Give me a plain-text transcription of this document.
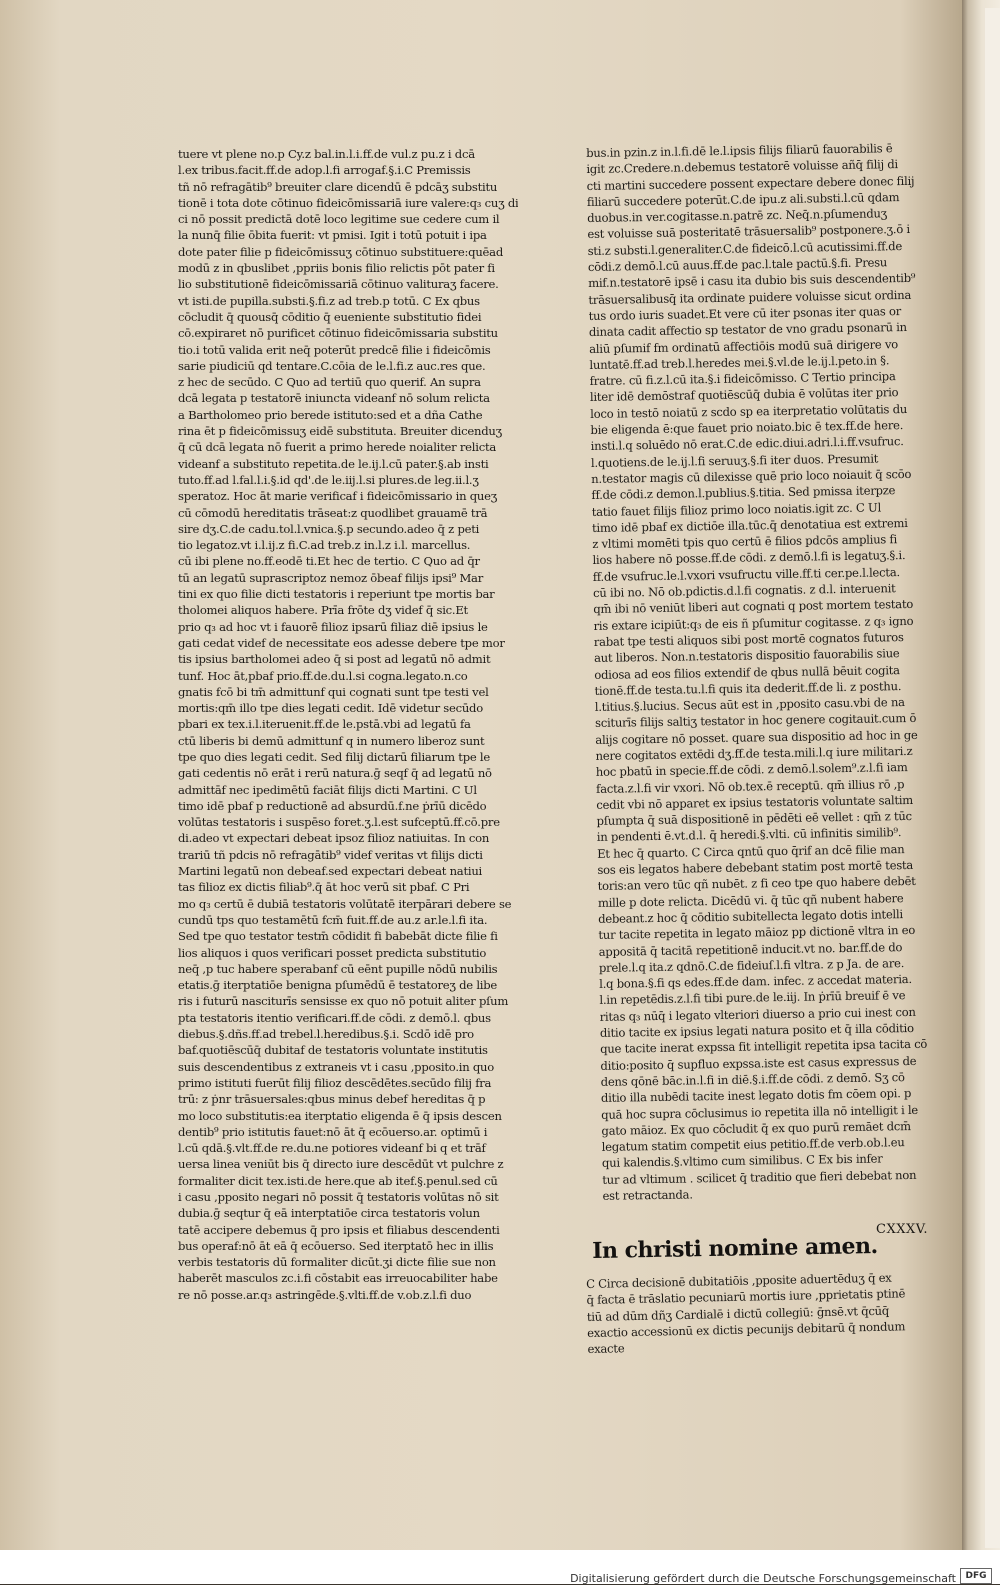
tuere vt plene no.p Cy.z bal.in.l.i.ff.de vul.z pu.z i dcā
l.ex tribus.facit.ff.de adop.l.fi arrogaf.§.i.C Premissis
tñ nō refragātib⁹ breuiter clare dicendū ē pdcāʒ substitu
tionē i tota dote cōtinuo fideicōmissariā iure valere:q₃ cuʒ di
ci nō possit predictā dotē loco legitime sue cedere cum il
la nunq̄ filie ōbita fuerit: vt pmisi. Igit i totū potuit i ipa
dote pater filie p fideicōmissuʒ cōtinuo substituere:quēad
modū z in qbuslibet ,ppriis bonis filio relictis pōt pater fi
lio substitutionē fideicōmissariā cōtinuo valituraʒ facere.
vt isti.de pupilla.substi.§.fi.z ad treb.p totū. C Ex qbus
cōcludit q̄ quousq̄ cōditio q̄ eueniente substitutio fidei
cō.expiraret nō purificet cōtinuo fideicōmissaria substitu
tio.i totū valida erit neq̄ poterūt predcē filie i fideicōmis
sarie piudiciū qd tentare.C.cōia de le.l.fi.z auc.res que.
z hec de secūdo. C Quo ad tertiū quo querif. An supra
dcā legata p testatorē iniuncta videanf nō solum relicta
a Bartholomeo prio berede istituto:sed et a dña Cathe
rina ēt p fideicōmissuʒ eidē substituta. Breuiter dicenduʒ
q̄ cū dcā legata nō fuerit a primo herede noialiter relicta
videanf a substituto repetita.de le.ij.l.cū pater.§.ab insti
tuto.ff.ad l.fal.l.i.§.id qd'.de le.iij.l.si plures.de leg.ii.l.ʒ
speratoz. Hoc āt marie verificaf i fideicōmissario in queʒ
cū cōmodū hereditatis trāseat:z quodlibet grauamē trā
sire dʒ.C.de cadu.tol.l.vnica.§.p secundo.adeo q̄ z peti
tio legatoz.vt i.l.ij.z fi.C.ad treb.z in.l.z i.l. marcellus.
cū ibi plene no.ff.eodē ti.Et hec de tertio. C Quo ad q̄r
tū an legatū suprascriptoz nemoz ōbeaf filijs ipsi⁹ Mar
tini ex quo filie dicti testatoris i reperiunt tpe mortis bar
tholomei aliquos habere. Prīa frōte dʒ videf q̄ sic.Et
prio q₃ ad hoc vt i fauorē filioz ipsarū filiaz diē ipsius le
gati cedat videf de necessitate eos adesse debere tpe mor
tis ipsius bartholomei adeo q̄ si post ad legatū nō admit
tunf. Hoc āt,pbaf prio.ff.de.du.l.si cogna.legato.n.co
gnatis fcō bi tm̄ admittunf qui cognati sunt tpe testi vel
mortis:qm̄ illo tpe dies legati cedit. Idē videtur secūdo
pbari ex tex.i.l.iteruenit.ff.de le.pstā.vbi ad legatū fa
ctū liberis bi demū admittunf q in numero liberoz sunt
tpe quo dies legati cedit. Sed filij dictarū filiarum tpe le
gati cedentis nō erāt i rerū natura.ḡ seqf q̄ ad legatū nō
admittāf nec ipedimētū faciāt filijs dicti Martini. C Ul
timo idē pbaf p reductionē ad absurdū.f.ne ṗrīū dicēdo
volūtas testatoris i suspēso foret.ʒ.l.est sufceptū.ff.cō.pre
di.adeo vt expectari debeat ipsoz filioz natiuitas. In con
trariū tñ pdcis nō refragātib⁹ videf veritas vt filijs dicti
Martini legatū non debeaf.sed expectari debeat natiui
tas filioz ex dictis filiab⁹.q̄ āt hoc verū sit pbaf. C Pri
mo q₃ certū ē dubiā testatoris volūtatē iterpārari debere se
cundū tps quo testamētū fcm̄ fuit.ff.de au.z ar.le.l.fi ita.
Sed tpe quo testator testm̄ cōdidit fi babebāt dicte filie fi
lios aliquos i quos verificari posset predicta substitutio
neq̄ ,p tuc habere sperabanf cū eēnt pupille nōdū nubilis
etatis.ḡ iterptatiōe benigna pſumēdū ē testatoreʒ de libe
ris i futurū nasciturīs sensisse ex quo nō potuit aliter pſum
pta testatoris itentio verificari.ff.de cōdi. z demō.l. qbus
diebus.§.dñs.ff.ad trebel.l.heredibus.§.i. Scdō idē pro
baf.quotiēscūq̄ dubitaf de testatoris voluntate institutis
suis descendentibus z extraneis vt i casu ,pposito.in quo
primo istituti fuerūt filij filioz descēdētes.secūdo filij fra
trū: z ṗnr trāsuersales:qbus minus debef hereditas q̄ p
mo loco substitutis:ea iterptatio eligenda ē q̄ ipsis descen
dentib⁹ prio istitutis fauet:nō āt q̄ ecōuerso.ar. optimū i
l.cū qdā.§.vlt.ff.de re.du.ne potiores videanf bi q et trāf
uersa linea veniūt bis q̄ directo iure descēdūt vt pulchre z
formaliter dicit tex.isti.de here.que ab itef.§.penul.sed cū
i casu ,pposito negari nō possit q̄ testatoris volūtas nō sit
dubia.ḡ seqtur q̄ eā interptatiōe circa testatoris volun
tatē accipere debemus q̄ pro ipsis et filiabus descendenti
bus operaf:nō āt eā q̄ ecōuerso. Sed iterptatō hec in illis
verbis testatoris dū formaliter dicūt.ʒi dicte filie sue non
haberēt masculos zc.i.fi cōstabit eas irreuocabiliter habe
re nō posse.ar.q₃ astringēde.§.vlti.ff.de v.ob.z.l.fi duo
bus.in pzin.z in.l.fi.dē le.l.ipsis filijs filiarū fauorabilis ē
igit zc.Credere.n.debemus testatorē voluisse añq̄ filij di
cti martini succedere possent expectare debere donec filij
filiarū succedere poterūt.C.de ipu.z ali.substi.l.cū qdam
duobus.in ver.cogitasse.n.patrē zc. Neq̄.n.pſumenduʒ
est voluisse suā posteritatē trāsuersalib⁹ postponere.ʒ.ō i
sti.z substi.l.generaliter.C.de fideicō.l.cū acutissimi.ff.de
cōdi.z demō.l.cū auus.ff.de pac.l.tale pactū.§.fi. Presu
mif.n.testatorē ipsē i casu ita dubio bis suis descendentib⁹
trāsuersalibusq̄ ita ordinate puidere voluisse sicut ordina
tus ordo iuris suadet.Et vere cū iter psonas iter quas or
dinata cadit affectio sp testator de vno gradu psonarū in
aliū pſumif fm ordinatū affectiōis modū suā dirigere vo
luntatē.ff.ad treb.l.heredes mei.§.vl.de le.ij.l.peto.in §.
fratre. cū fi.z.l.cū ita.§.i fideicōmisso. C Tertio principa
liter idē demōstraf quotiēscūq̄ dubia ē volūtas iter prio
loco in testō noiatū z scdo sp ea iterpretatio volūtatis du
bie eligenda ē:que fauet prio noiato.bic ē tex.ff.de here.
insti.l.q soluēdo nō erat.C.de edic.diui.adri.l.i.ff.vsufruc.
l.quotiens.de le.ij.l.fi seruuʒ.§.fi iter duos. Presumit
n.testator magis cū dilexisse quē prio loco noiauit q̄ scōo
ff.de cōdi.z demon.l.publius.§.titia. Sed pmissa iterpze
tatio fauet filijs filioz primo loco noiatis.igit zc. C Ul
timo idē pbaf ex dictiōe illa.tūc.q̄ denotatiua est extremi
z vltimi momēti tpis quo certū ē filios pdcōs amplius fi
lios habere nō posse.ff.de cōdi. z demō.l.fi is legatuʒ.§.i.
ff.de vsufruc.le.l.vxori vsufructu ville.ff.ti cer.pe.l.lecta.
cū ibi no. Nō ob.pdictis.d.l.fi cognatis. z d.l. interuenit
qm̄ ibi nō veniūt liberi aut cognati q post mortem testato
ris extare icipiūt:q₃ de eis ñ pſumitur cogitasse. z q₃ igno
rabat tpe testi aliquos sibi post mortē cognatos futuros
aut liberos. Non.n.testatoris dispositio fauorabilis siue
odiosa ad eos filios extendif de qbus nullā bēuit cogita
tionē.ff.de testa.tu.l.fi quis ita dederit.ff.de li. z posthu.
l.titius.§.lucius. Secus aūt est in ,pposito casu.vbi de na
sciturīs filijs saltiʒ testator in hoc genere cogitauit.cum ō
alijs cogitare nō posset. quare sua dispositio ad hoc in ge
nere cogitatos extēdi dʒ.ff.de testa.mili.l.q iure militari.z
hoc pbatū in specie.ff.de cōdi. z demō.l.solem⁹.z.l.fi iam
facta.z.l.fi vir vxori. Nō ob.tex.ē receptū. qm̄ illius rō ,p
cedit vbi nō apparet ex ipsius testatoris voluntate saltim
pſumpta q̄ suā dispositionē in pēdēti eē vellet : qm̄ z tūc
in pendenti ē.vt.d.l. q̄ heredi.§.vlti. cū infinitis similib⁹.
Et hec q̄ quarto. C Circa qntū quo q̄rif an dcē filie man
sos eis legatos habere debebant statim post mortē testa
toris:an vero tūc qñ nubēt. z fi ceo tpe quo habere debēt
mille p dote relicta. Dicēdū vi. q̄ tūc qñ nubent habere
debeant.z hoc q̄ cōditio subitellecta legato dotis intelli
tur tacite repetita in legato māioz pp dictionē vltra in eo
appositā q̄ tacitā repetitionē inducit.vt no. bar.ff.de do
prele.l.q ita.z qdnō.C.de fideiuſ.l.fi vltra. z p Ja. de are.
l.q bona.§.fi qs edes.ff.de dam. infec. z accedat materia.
l.in repetēdis.z.l.fi tibi pure.de le.iij. In ṗrīū breuif ē ve
ritas q₃ nūq̄ i legato vlteriori diuerso a prio cui inest con
ditio tacite ex ipsius legati natura posito et q̄ illa cōditio
que tacite inerat expssa fit intelligit repetita ipsa tacita cō
ditio:posito q̄ supfluo expssa.iste est casus expressus de
dens qōnē bāc.in.l.fi in diē.§.i.ff.de cōdi. z demō. Sʒ cō
ditio illa nubēdi tacite inest legato dotis fm cōem opi. p
quā hoc supra cōclusimus io repetita illa nō intelligit i le
gato māioz. Ex quo cōcludit q̄ ex quo purū remāet dcm̄
legatum statim competit eius petitio.ff.de verb.ob.l.eu
qui kalendis.§.vltimo cum similibus. C Ex bis infer
tur ad vltimum . scilicet q̄ traditio que fieri debebat non
est retractanda.
CXXXV.
In christi nomine amen.
C Circa decisionē dubitatiōis ,pposite aduertēduʒ q̄ ex
q̄ facta ē trāslatio pecuniarū mortis iure ,pprietatis ptinē
tiū ad dūm dñʒ Cardialē i dictū collegiū: ḡnsē.vt q̄cūq̄
exactio accessionū ex dictis pecunijs debitarū q̄ nondum
exacte
Digitalisierung gefördert durch die Deutsche Forschungsgemeinschaft	DFG
